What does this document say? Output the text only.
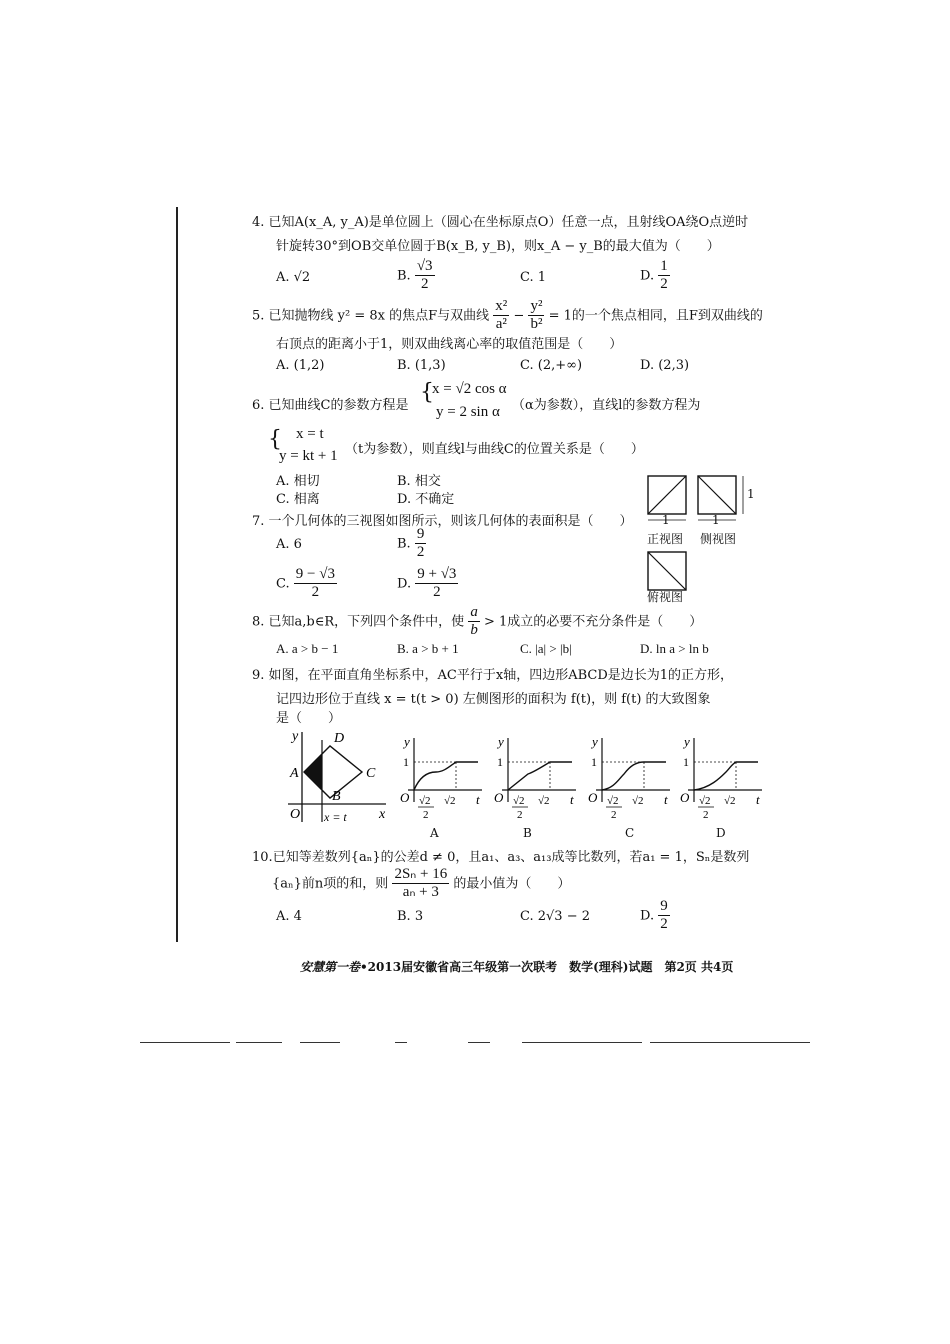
4. 已知A(x_A, y_A)是单位圆上（圆心在坐标原点O）任意一点，且射线OA绕O点逆时
针旋转30°到OB交单位圆于B(x_B, y_B)，则x_A − y_B的最大值为（　　）
A. √2	B. $\frac{√3}{2}$	C. 1	D. $\frac{1}{2}$
5. 已知抛物线 y² = 8x 的焦点F与双曲线 $\frac{\text{x²}}{\text{a²}} - \frac{\text{y²}}{\text{b²}} = 1$的一个焦点相同，且F到双曲线的
右顶点的距离小于1，则双曲线离心率的取值范围是（　　）
A. (1,2)	B. (1,3)	C. (2,+∞)	D. (2,3)
6. 已知曲线C的参数方程是
{
x = √2 cos α
y = 2 sin α （α为参数），直线l的参数方程为
{ x = t
y = kt + 1 （t为参数），则直线l与曲线C的位置关系是（　　）
A. 相切	B. 相交
C. 相离	D. 不确定
7. 一个几何体的三视图如图所示，则该几何体的表面积是（　　）
A. 6	B. $\frac{9}{2}$
C. $\frac{9 - √3}{2}$	D. $\frac{9 + √3}{2}$
1	1
1
正视图 侧视图
俯视图
8. 已知a,b∈R，下列四个条件中，使 $\frac{a}{b} > 1$成立的必要不充分条件是（　　）
A. a > b − 1	B. a > b + 1	C. |a| > |b|	D. ln a > ln b
9. 如图，在平面直角坐标系中，AC平行于x轴，四边形ABCD是边长为1的正方形，
记四边形位于直线 x = t(t > 0) 左侧图形的面积为 f(t)，则 f(t) 的大致图象
是（　　）
y
x
O
A
D
C
B
x = t
y
1
O √2
2
√2 t
y
1
O √2
2
√2 t
y
1
O √2
2
√2 t
y
1
O √2
2
√2 t
A	B	C	D
10.已知等差数列{aₙ}的公差d ≠ 0，且a₁、a₃、a₁₃成等比数列，若a₁ = 1，Sₙ是数列
{aₙ}前n项的和，则 $\frac{\text{2Sₙ + 16}}{\text{aₙ + 3}}$ 的最小值为（　　）
A. 4	B. 3	C. 2√3 − 2	D. $\frac{9}{2}$
安慧第一卷•2013届安徽省高三年级第一次联考　数学(理科)试题　第2页 共4页
